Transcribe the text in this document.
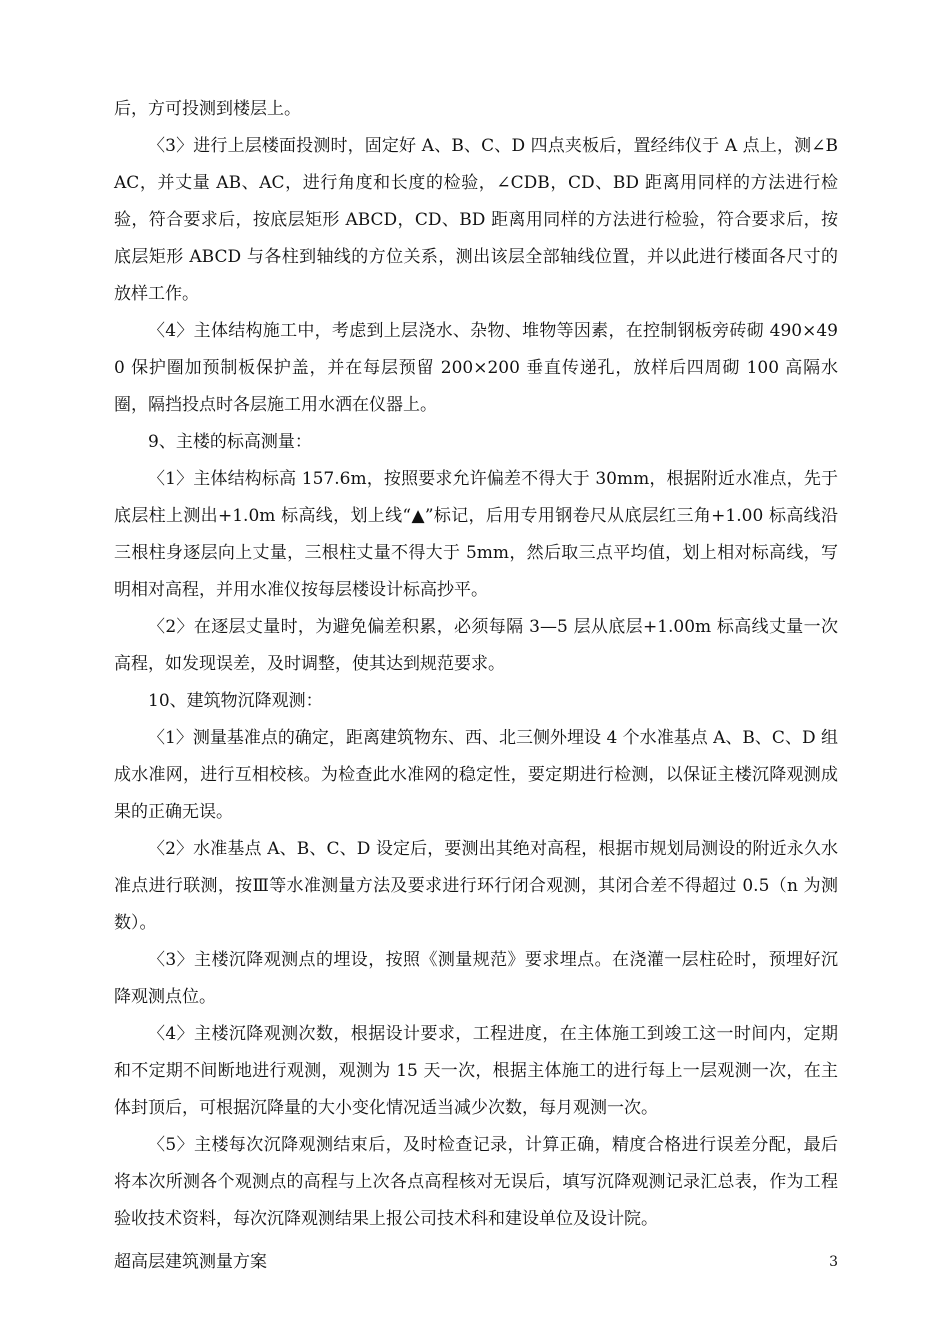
后，方可投测到楼层上。

〈3〉进行上层楼面投测时，固定好 A、B、C、D 四点夹板后，置经纬仪于 A 点上，测∠BAC，并丈量 AB、AC，进行角度和长度的检验，∠CDB，CD、BD 距离用同样的方法进行检验，符合要求后，按底层矩形 ABCD，CD、BD 距离用同样的方法进行检验，符合要求后，按底层矩形 ABCD 与各柱到轴线的方位关系，测出该层全部轴线位置，并以此进行楼面各尺寸的放样工作。

〈4〉主体结构施工中，考虑到上层浇水、杂物、堆物等因素，在控制钢板旁砖砌 490×490 保护圈加预制板保护盖，并在每层预留 200×200 垂直传递孔，放样后四周砌 100 高隔水圈，隔挡投点时各层施工用水洒在仪器上。

9、主楼的标高测量：

〈1〉主体结构标高 157.6m，按照要求允许偏差不得大于 30mm，根据附近水准点，先于底层柱上测出+1.0m 标高线，划上线“▲”标记，后用专用钢卷尺从底层红三角+1.00 标高线沿三根柱身逐层向上丈量，三根柱丈量不得大于 5mm，然后取三点平均值，划上相对标高线，写明相对高程，并用水准仪按每层楼设计标高抄平。

〈2〉在逐层丈量时，为避免偏差积累，必须每隔 3—5 层从底层+1.00m 标高线丈量一次高程，如发现误差，及时调整，使其达到规范要求。

10、建筑物沉降观测：

〈1〉测量基准点的确定，距离建筑物东、西、北三侧外埋设 4 个水准基点 A、B、C、D 组成水准网，进行互相校核。为检查此水准网的稳定性，要定期进行检测，以保证主楼沉降观测成果的正确无误。

〈2〉水准基点 A、B、C、D 设定后，要测出其绝对高程，根据市规划局测设的附近永久水准点进行联测，按Ⅲ等水准测量方法及要求进行环行闭合观测，其闭合差不得超过 0.5（n 为测数）。

〈3〉主楼沉降观测点的埋设，按照《测量规范》要求埋点。在浇灌一层柱砼时，预埋好沉降观测点位。

〈4〉主楼沉降观测次数，根据设计要求，工程进度，在主体施工到竣工这一时间内，定期和不定期不间断地进行观测，观测为 15 天一次，根据主体施工的进行每上一层观测一次，在主体封顶后，可根据沉降量的大小变化情况适当减少次数，每月观测一次。

〈5〉主楼每次沉降观测结束后，及时检查记录，计算正确，精度合格进行误差分配，最后将本次所测各个观测点的高程与上次各点高程核对无误后，填写沉降观测记录汇总表，作为工程验收技术资料，每次沉降观测结果上报公司技术科和建设单位及设计院。

超高层建筑测量方案	3
